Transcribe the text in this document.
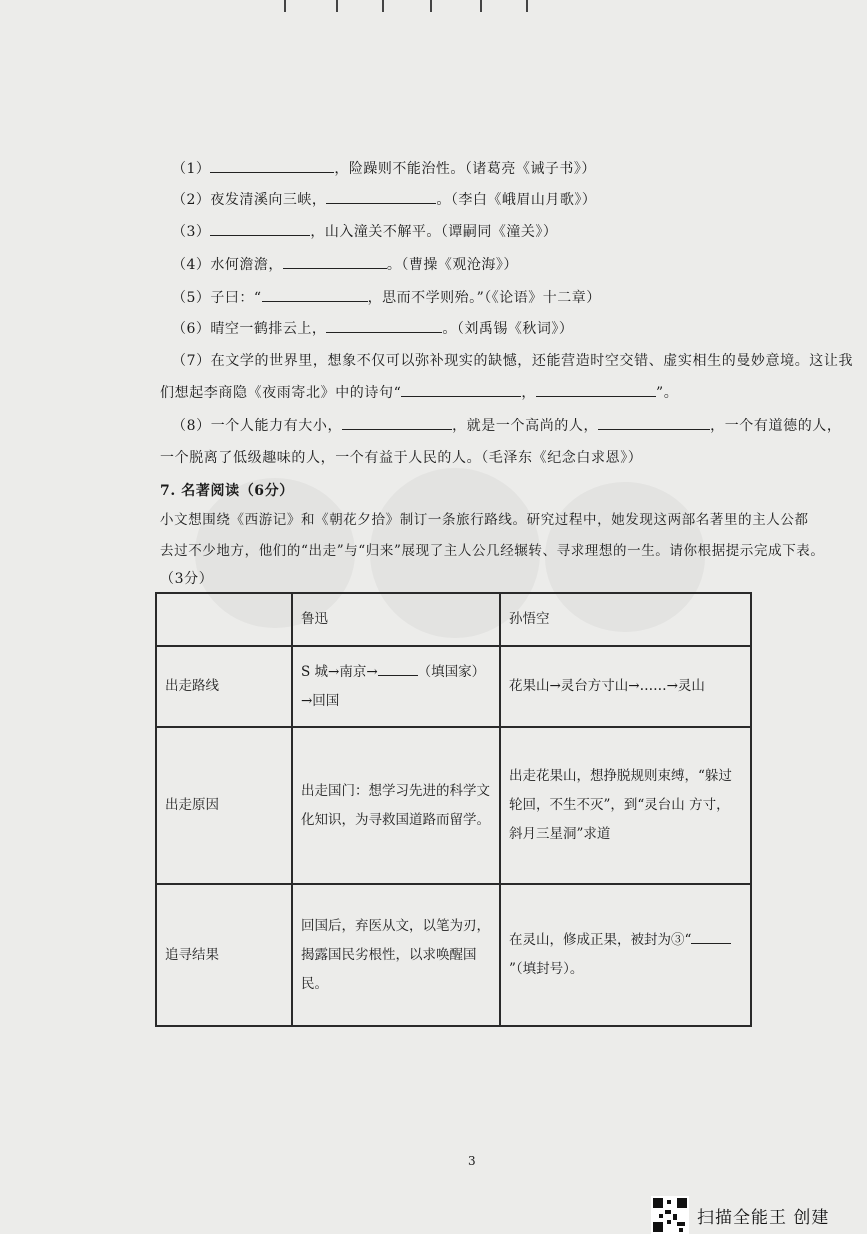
（1）	，险躁则不能治性。（诸葛亮《诫子书》）
（2）夜发清溪向三峡，	。（李白《峨眉山月歌》）
（3）	，山入潼关不解平。（谭嗣同《潼关》）
（4）水何澹澹，	。（曹操《观沧海》）
（5）子曰：“	，思而不学则殆。”（《论语》十二章）
（6）晴空一鹤排云上，	。（刘禹锡《秋词》）
（7）在文学的世界里，想象不仅可以弥补现实的缺憾，还能营造时空交错、虚实相生的曼妙意境。这让我
们想起李商隐《夜雨寄北》中的诗句“	，	”。
（8）一个人能力有大小，	，就是一个高尚的人，	，一个有道德的人，
一个脱离了低级趣味的人，一个有益于人民的人。（毛泽东《纪念白求恩》）
7. 名著阅读（6分）
小文想围绕《西游记》和《朝花夕拾》制订一条旅行路线。研究过程中，她发现这两部名著里的主人公都
去过不少地方，他们的“出走”与“归来”展现了主人公几经辗转、寻求理想的一生。请你根据提示完成下表。
（3分）
	鲁迅	孙悟空
出走路线	S 城→南京→ （填国家）→回国	花果山→灵台方寸山→……→灵山
出走原因	出走国门：想学习先进的科学文化知识，为寻救国道路而留学。	出走花果山，想挣脱规则束缚，“躲过轮回，不生不灭”，到“灵台山 方寸，斜月三星洞”求道
追寻结果	回国后，弃医从文，以笔为刃，揭露国民劣根性，以求唤醒国民。	在灵山，修成正果，被封为③“”（填封号）。
3
扫描全能王 创建
